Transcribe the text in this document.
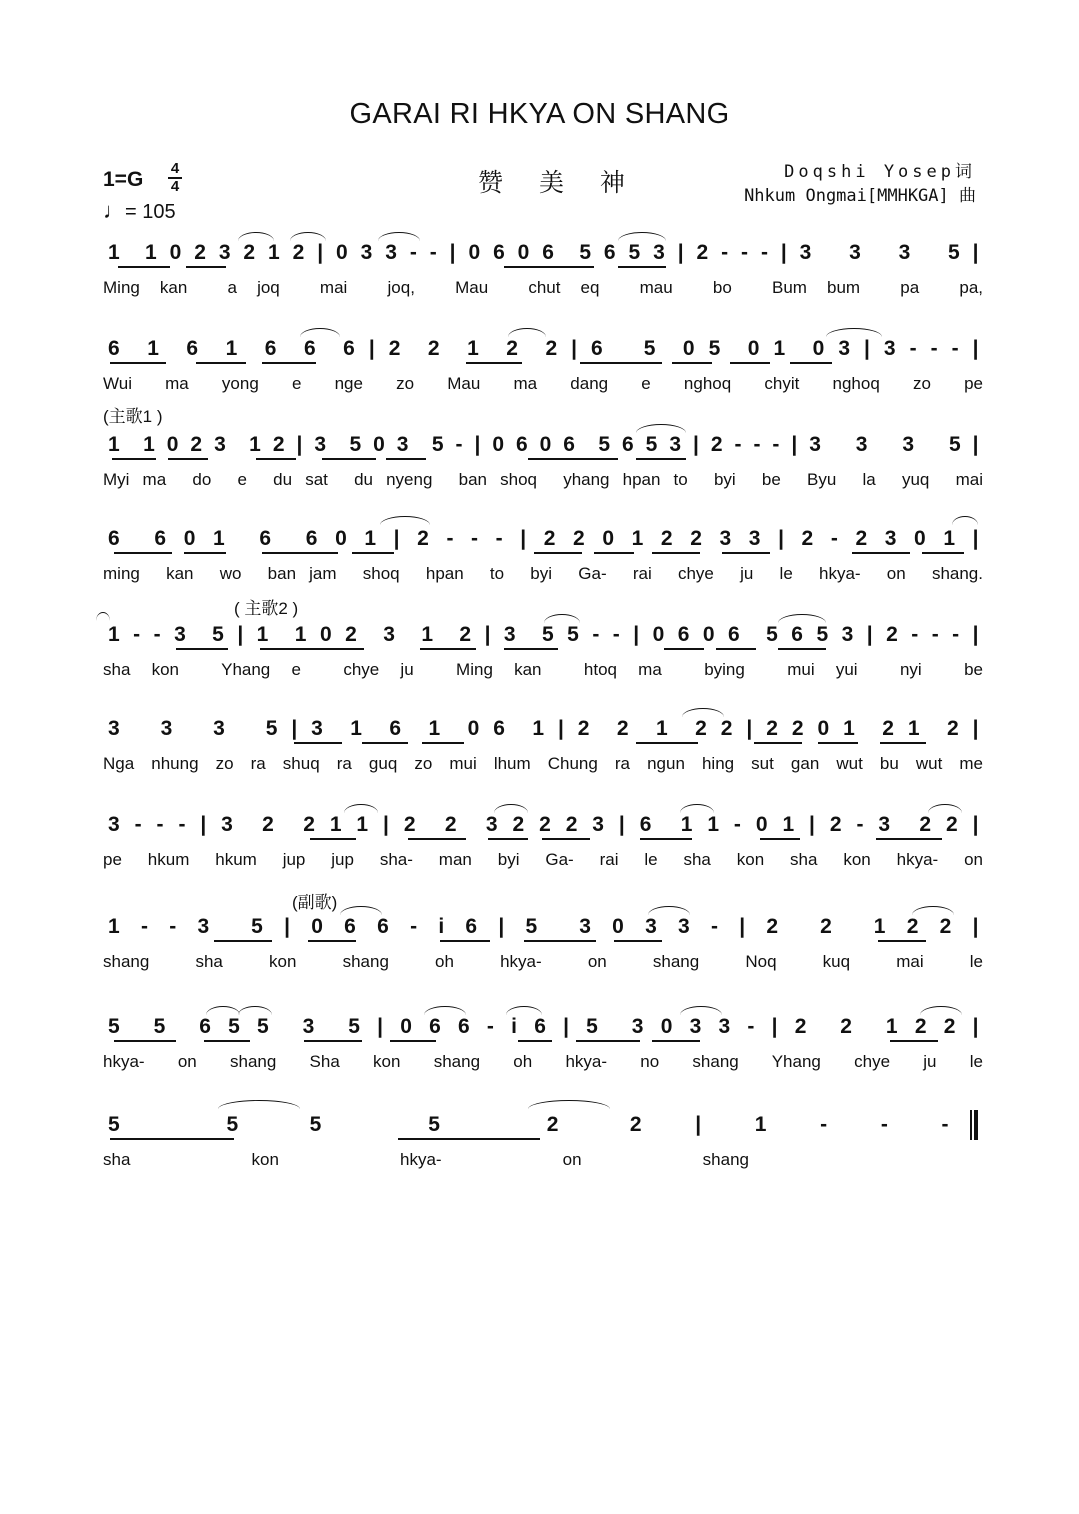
GARAI RI HKYA ON SHANG
1=G 4
4
♩= 105
赞 美 神	Doqshi Yosep词
Nhkum Ongmai[MMHKGA] 曲
1  1 0 2 3 2 1 2 | 0 3 3 - - | 0 6 0 6  5 6 5 3 | 2 - - - | 3   3   3   5 |
Ming kan  a joq  mai  joq,  Mau  chut eq  mau  bo  Bum bum  pa  pa,
6  1  6  1  6  6  6 | 2  2  1  2  2 | 6   5  0 5  0 1  0 3 | 3 - - - |
Wui  ma  yong  e  nge  zo  Mau  ma  dang  e  nghoq  chyit  nghoq  zo  pe
(主歌1 )
1  1 0 2 3  1 2 | 3  5 0 3  5 - | 0 6 0 6  5 6 5 3 | 2 - - - | 3   3   3   5 |
Myi ma  do  e  du sat  du nyeng  ban shoq  yhang hpan to  byi  be  Byu  la  yuq  mai
6  6 0 1  6  6 0 1 | 2 - - - | 2 2 0 1 2 2 3 3 | 2 - 2 3 0 1 |
ming  kan  wo  ban jam  shoq  hpan  to  byi  Ga-  rai  chye  ju  le  hkya-  on  shang.
( 主歌2 )
1 - - 3  5 | 1  1 0 2  3  1  2 | 3  5 5 - - | 0 6 0 6  5 6 5 3 | 2 - - - |
sha kon  Yhang e  chye ju  Ming kan  htoq ma  bying  mui yui  nyi  be
3   3   3   5 | 3  1  6  1  0 6  1 | 2  2  1  2 2 | 2 2 0 1  2 1  2 |
Nga  nhung  zo  ra  shuq  ra  guq  zo  mui  lhum  Chung  ra  ngun  hing  sut  gan  wut  bu  wut  me
3 - - - | 3  2  2 1 1 | 2  2  3 2 2 2 3 | 6  1 1 - 0 1 | 2 - 3  2 2 |
pe  hkum  hkum  jup  jup  sha-  man  byi  Ga-  rai  le  sha  kon  sha  kon  hkya-  on
(副歌)
1 - - 3  5 | 0 6 6 - i 6 | 5  3 0 3 3 - | 2  2  1 2 2 |
shang  sha  kon  shang  oh  hkya-  on  shang  Noq  kuq  mai  le
5  5  6 5 5  3  5 | 0 6 6 - i 6 | 5  3 0 3 3 - | 2  2  1 2 2 |
hkya-  on  shang  Sha  kon  shang  oh  hkya-  no  shang  Yhang  chye  ju  le
5      5    5      5      2    2   |   1   -   -   -
sha  kon  hkya-  on  shang
